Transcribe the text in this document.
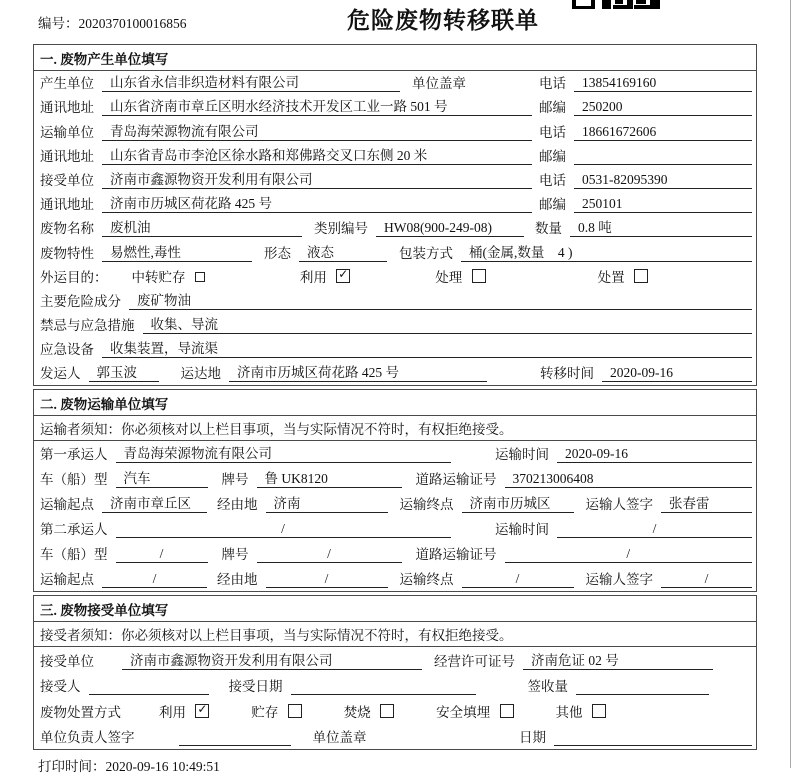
编号：2020370100016856	危险废物转移联单
一. 废物产生单位填写
产生单位	山东省永信非织造材料有限公司	单位盖章	电话	13854169160
通讯地址	山东省济南市章丘区明水经济技术开发区工业一路 501 号	邮编	250200
运输单位	青岛海荣源物流有限公司	电话	18661672606
通讯地址	山东省青岛市李沧区徐水路和郑佛路交叉口东侧 20 米	邮编
接受单位	济南市鑫源物资开发利用有限公司	电话	0531-82095390
通讯地址	济南市历城区荷花路 425 号	邮编	250101
废物名称	废机油	类别编号	HW08(900-249-08)	数量	0.8 吨
废物特性	易燃性,毒性	形态	液态	包装方式	桶(金属,数量　4 )
外运目的： 中转贮存	利用 ✓	处理	处置
主要危险成分	废矿物油
禁忌与应急措施	收集、导流
应急设备	收集装置，导流渠
发运人	郭玉波	运达地	济南市历城区荷花路 425 号	转移时间	2020-09-16
二. 废物运输单位填写
运输者须知：你必须核对以上栏目事项，当与实际情况不符时，有权拒绝接受。
第一承运人	青岛海荣源物流有限公司	运输时间	2020-09-16
车（船）型	汽车	牌号	鲁 UK8120	道路运输证号	370213006408
运输起点	济南市章丘区	经由地	济南	运输终点	济南市历城区	运输人签字	张春雷
第二承运人	/	运输时间	/
车（船）型	/	牌号	/	道路运输证号	/
运输起点	/	经由地	/	运输终点	/	运输人签字	/
三. 废物接受单位填写
接受者须知：你必须核对以上栏目事项，当与实际情况不符时，有权拒绝接受。
接受单位	济南市鑫源物资开发利用有限公司	经营许可证号	济南危证 02 号
接受人	接受日期	签收量
废物处置方式	利用 ✓	贮存	焚烧	安全填埋	其他
单位负责人签字	单位盖章	日期
打印时间：2020-09-16 10:49:51
